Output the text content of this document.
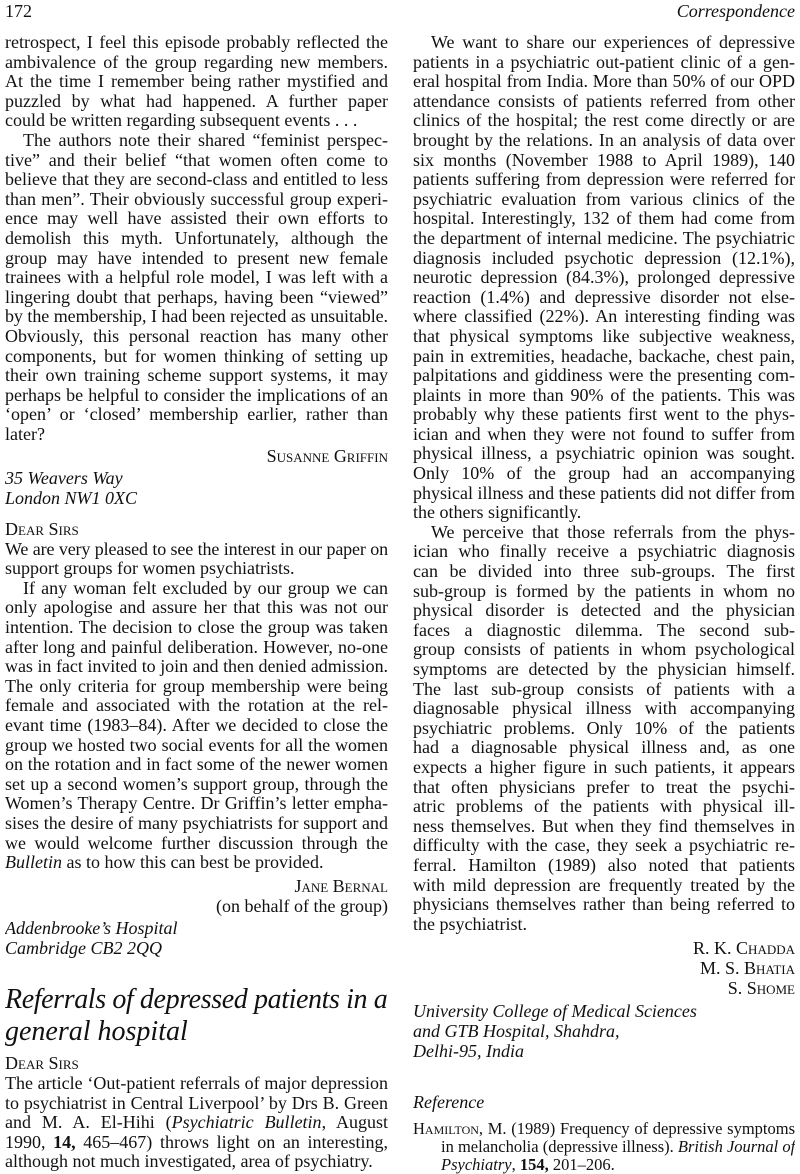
172	Correspondence
retrospect, I feel this episode probably reflected the
ambivalence of the group regarding new members.
At the time I remember being rather mystified and
puzzled by what had happened. A further paper
could be written regarding subsequent events . . .
The authors note their shared “feminist perspec-
tive” and their belief “that women often come to
believe that they are second-class and entitled to less
than men”. Their obviously successful group experi-
ence may well have assisted their own efforts to
demolish this myth. Unfortunately, although the
group may have intended to present new female
trainees with a helpful role model, I was left with a
lingering doubt that perhaps, having been “viewed”
by the membership, I had been rejected as unsuitable.
Obviously, this personal reaction has many other
components, but for women thinking of setting up
their own training scheme support systems, it may
perhaps be helpful to consider the implications of an
‘open’ or ‘closed’ membership earlier, rather than
later?
Susanne Griffin
35 Weavers Way
London NW1 0XC
Dear Sirs
We are very pleased to see the interest in our paper on
support groups for women psychiatrists.
If any woman felt excluded by our group we can
only apologise and assure her that this was not our
intention. The decision to close the group was taken
after long and painful deliberation. However, no-one
was in fact invited to join and then denied admission.
The only criteria for group membership were being
female and associated with the rotation at the rel-
evant time (1983–84). After we decided to close the
group we hosted two social events for all the women
on the rotation and in fact some of the newer women
set up a second women’s support group, through the
Women’s Therapy Centre. Dr Griffin’s letter empha-
sises the desire of many psychiatrists for support and
we would welcome further discussion through the
Bulletin as to how this can best be provided.
Jane Bernal
(on behalf of the group)
Addenbrooke’s Hospital
Cambridge CB2 2QQ
Referrals of depressed patients in a
general hospital
Dear Sirs
The article ‘Out-patient referrals of major depression
to psychiatrist in Central Liverpool’ by Drs B. Green
and M. A. El-Hihi (Psychiatric Bulletin, August
1990, 14, 465–467) throws light on an interesting,
although not much investigated, area of psychiatry.
We want to share our experiences of depressive
patients in a psychiatric out-patient clinic of a gen-
eral hospital from India. More than 50% of our OPD
attendance consists of patients referred from other
clinics of the hospital; the rest come directly or are
brought by the relations. In an analysis of data over
six months (November 1988 to April 1989), 140
patients suffering from depression were referred for
psychiatric evaluation from various clinics of the
hospital. Interestingly, 132 of them had come from
the department of internal medicine. The psychiatric
diagnosis included psychotic depression (12.1%),
neurotic depression (84.3%), prolonged depressive
reaction (1.4%) and depressive disorder not else-
where classified (22%). An interesting finding was
that physical symptoms like subjective weakness,
pain in extremities, headache, backache, chest pain,
palpitations and giddiness were the presenting com-
plaints in more than 90% of the patients. This was
probably why these patients first went to the phys-
ician and when they were not found to suffer from
physical illness, a psychiatric opinion was sought.
Only 10% of the group had an accompanying
physical illness and these patients did not differ from
the others significantly.
We perceive that those referrals from the phys-
ician who finally receive a psychiatric diagnosis
can be divided into three sub-groups. The first
sub-group is formed by the patients in whom no
physical disorder is detected and the physician
faces a diagnostic dilemma. The second sub-
group consists of patients in whom psychological
symptoms are detected by the physician himself.
The last sub-group consists of patients with a
diagnosable physical illness with accompanying
psychiatric problems. Only 10% of the patients
had a diagnosable physical illness and, as one
expects a higher figure in such patients, it appears
that often physicians prefer to treat the psychi-
atric problems of the patients with physical ill-
ness themselves. But when they find themselves in
difficulty with the case, they seek a psychiatric re-
ferral. Hamilton (1989) also noted that patients
with mild depression are frequently treated by the
physicians themselves rather than being referred to
the psychiatrist.
R. K. Chadda
M. S. Bhatia
S. Shome
University College of Medical Sciences
and GTB Hospital, Shahdra,
Delhi-95, India
Reference
Hamilton, M. (1989) Frequency of depressive symptoms
in melancholia (depressive illness). British Journal of
Psychiatry, 154, 201–206.
